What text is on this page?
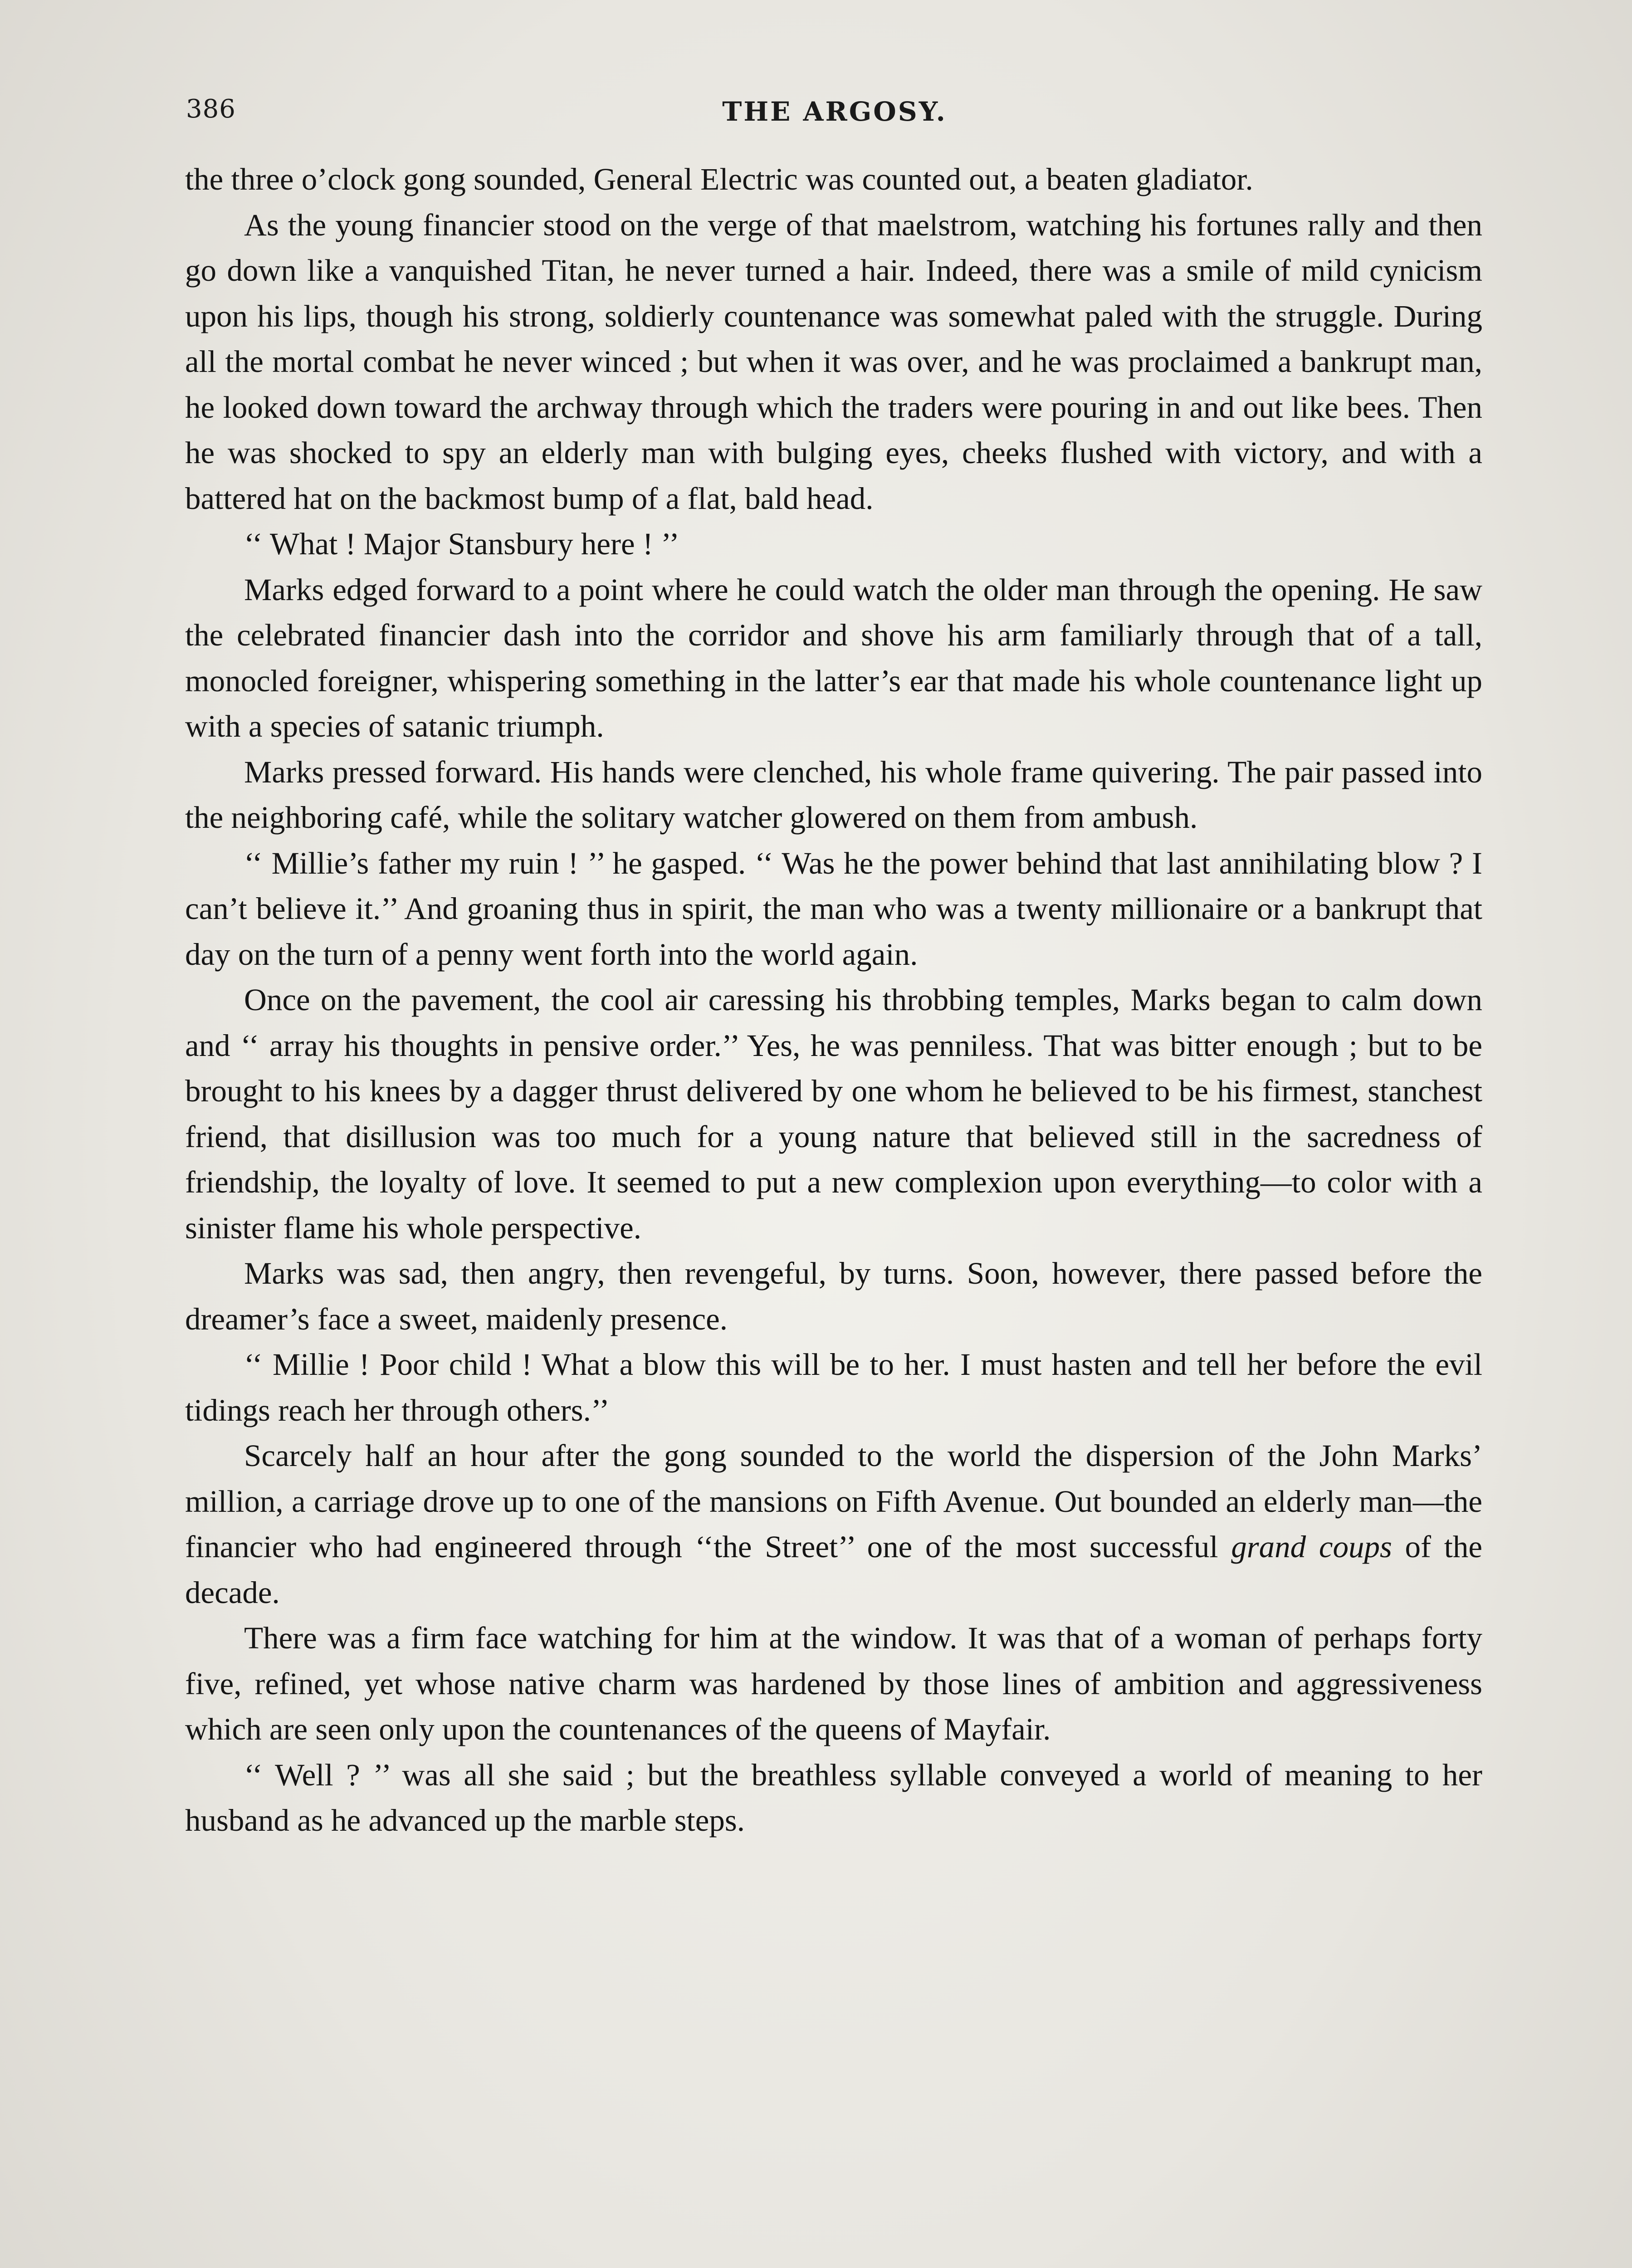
386	THE ARGOSY.

the three o’clock gong sounded, General Electric was counted out, a beaten gladiator.

As the young financier stood on the verge of that maelstrom, watching his fortunes rally and then go down like a vanquished Titan, he never turned a hair. Indeed, there was a smile of mild cynicism upon his lips, though his strong, soldierly countenance was somewhat paled with the struggle. During all the mortal combat he never winced ; but when it was over, and he was proclaimed a bankrupt man, he looked down toward the archway through which the traders were pouring in and out like bees. Then he was shocked to spy an elderly man with bulging eyes, cheeks flushed with victory, and with a battered hat on the backmost bump of a flat, bald head.

‘‘ What ! Major Stansbury here ! ’’

Marks edged forward to a point where he could watch the older man through the opening. He saw the celebrated financier dash into the corridor and shove his arm familiarly through that of a tall, monocled foreigner, whispering something in the latter’s ear that made his whole countenance light up with a species of satanic triumph.

Marks pressed forward. His hands were clenched, his whole frame quivering. The pair passed into the neighboring café, while the solitary watcher glowered on them from ambush.

‘‘ Millie’s father my ruin ! ’’ he gasped. ‘‘ Was he the power behind that last annihilating blow ? I can’t believe it.’’ And groaning thus in spirit, the man who was a twenty millionaire or a bankrupt that day on the turn of a penny went forth into the world again.

Once on the pavement, the cool air caressing his throbbing temples, Marks began to calm down and ‘‘ array his thoughts in pensive order.’’ Yes, he was penniless. That was bitter enough ; but to be brought to his knees by a dagger thrust delivered by one whom he believed to be his firmest, stanchest friend, that disillusion was too much for a young nature that believed still in the sacredness of friendship, the loyalty of love. It seemed to put a new complexion upon everything—to color with a sinister flame his whole perspective.

Marks was sad, then angry, then revengeful, by turns. Soon, however, there passed before the dreamer’s face a sweet, maidenly presence.

‘‘ Millie ! Poor child ! What a blow this will be to her. I must hasten and tell her before the evil tidings reach her through others.’’

Scarcely half an hour after the gong sounded to the world the dispersion of the John Marks’ million, a carriage drove up to one of the mansions on Fifth Avenue. Out bounded an elderly man—the financier who had engineered through ‘‘the Street’’ one of the most successful grand coups of the decade.

There was a firm face watching for him at the window. It was that of a woman of perhaps forty five, refined, yet whose native charm was hardened by those lines of ambition and aggressiveness which are seen only upon the countenances of the queens of Mayfair.

‘‘ Well ? ’’ was all she said ; but the breathless syllable conveyed a world of meaning to her husband as he advanced up the marble steps.
